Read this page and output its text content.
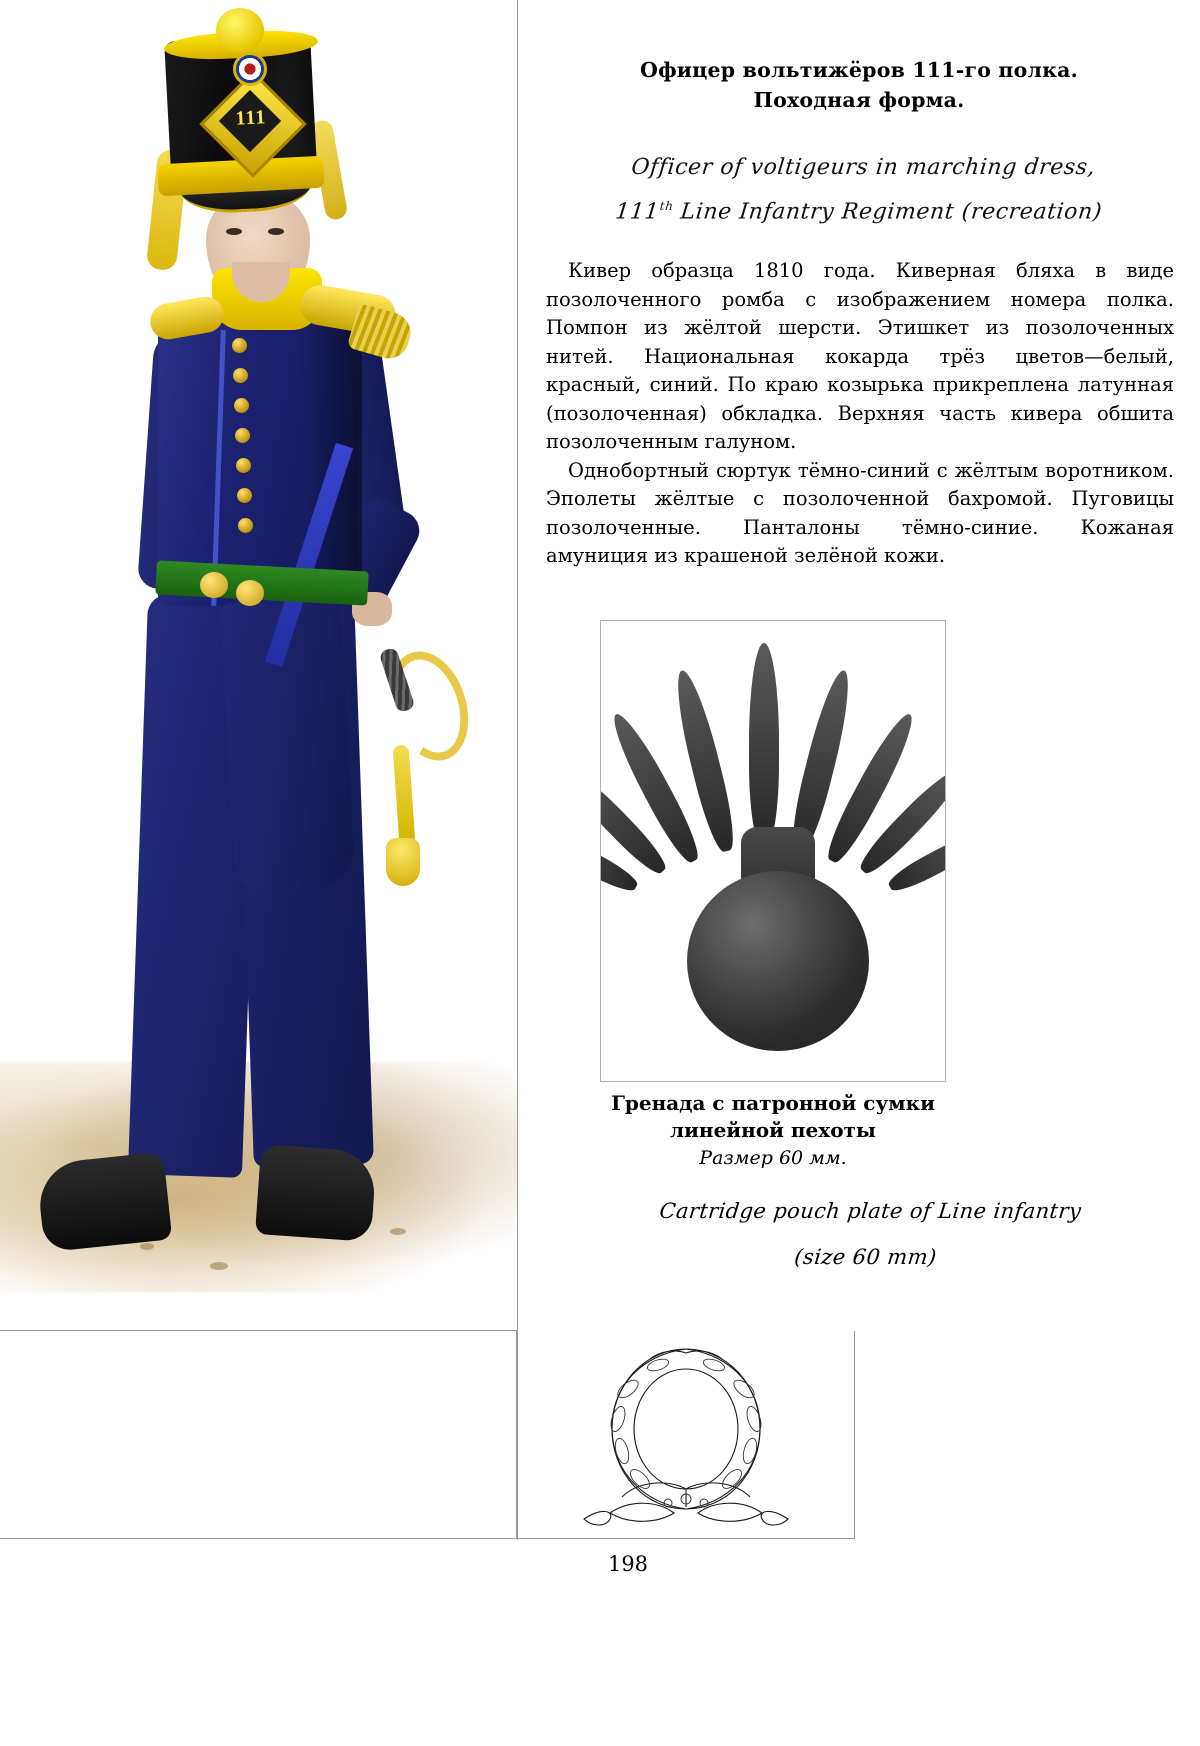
111
Офицер вольтижёров 111-го полка.
Походная форма.
Officer of voltigeurs in marching dress,
111th Line Infantry Regiment (recreation)

Кивер образца 1810 года. Киверная бляха в виде позолоченного ромба с изображением номера полка. Помпон из жёлтой шерсти. Этишкет из позолоченных нитей. Национальная кокарда трёз цветов—белый, красный, синий. По краю козырька прикреплена латунная (позолоченная) обкладка. Верхняя часть кивера обшита позолоченным галуном.

Однобортный сюртук тёмно-синий с жёлтым воротником. Эполеты жёлтые с позолоченной бахромой. Пуговицы позолоченные. Панталоны тёмно-синие. Кожаная амуниция из крашеной зелёной кожи.

Гренада с патронной сумки
линейной пехоты
Размер 60 мм.
Cartridge pouch plate of Line infantry
(size 60 mm)
198
